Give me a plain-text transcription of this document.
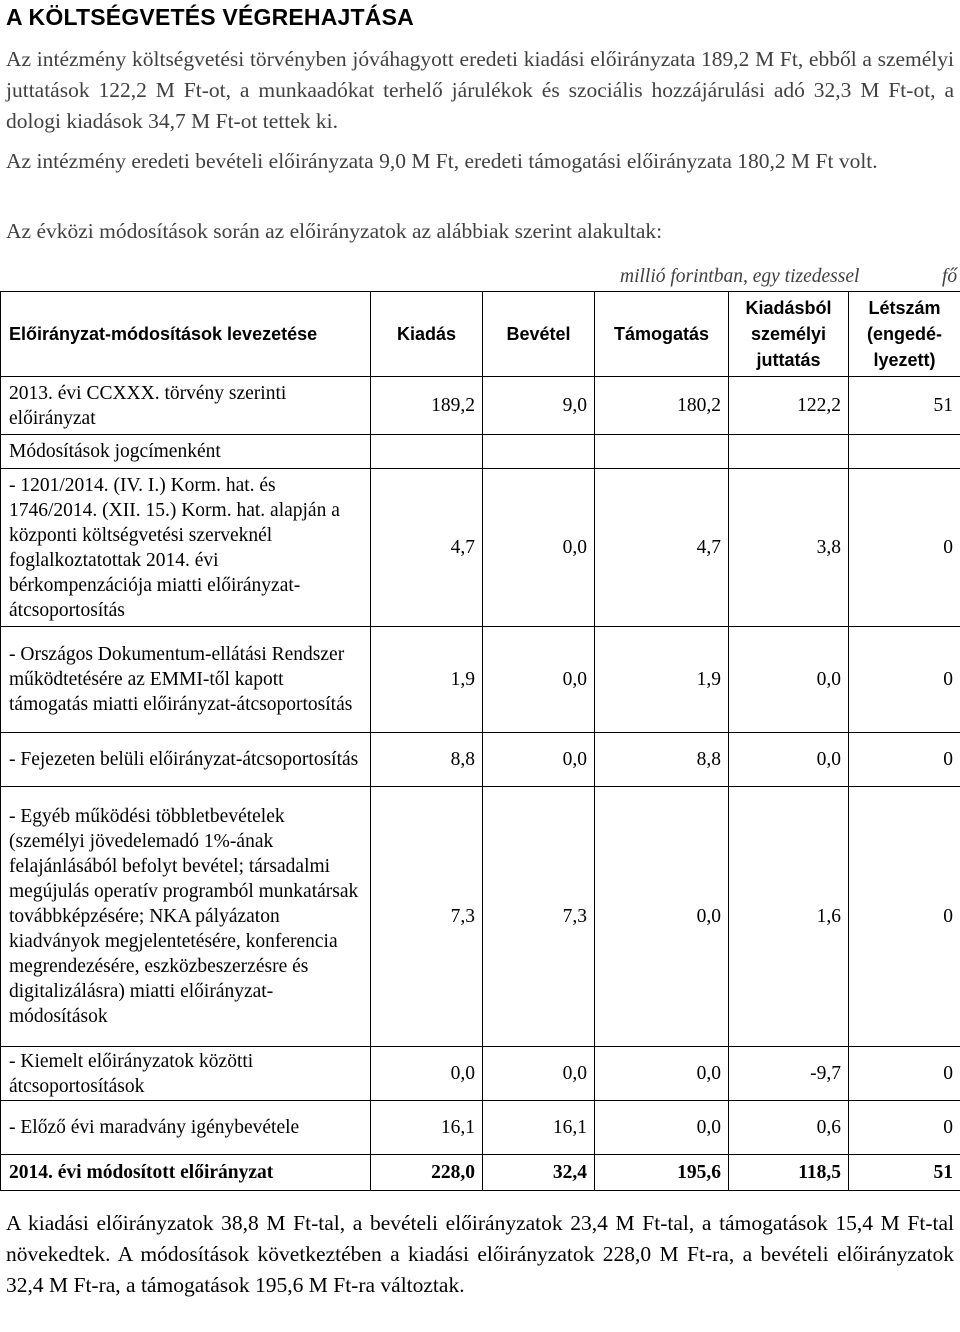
A KÖLTSÉGVETÉS VÉGREHAJTÁSA

Az intézmény költségvetési törvényben jóváhagyott eredeti kiadási előirányzata 189,2 M Ft, ebből a személyi juttatások 122,2 M Ft-ot, a munkaadókat terhelő járulékok és szociális hozzájárulási adó 32,3 M Ft-ot, a dologi kiadások 34,7 M Ft-ot tettek ki.

Az intézmény eredeti bevételi előirányzata 9,0 M Ft, eredeti támogatási előirányzata 180,2 M Ft volt.

Az évközi módosítások során az előirányzatok az alábbiak szerint alakultak:

millió forintban, egy tizedessel	fő
Előirányzat-módosítások levezetése	Kiadás	Bevétel	Támogatás	Kiadásból személyi juttatás	Létszám (engedé-lyezett)
2013. évi CCXXX. törvény szerinti előirányzat	189,2	9,0	180,2	122,2	51
Módosítások jogcímenként					
- 1201/2014. (IV. I.) Korm. hat. és 1746/2014. (XII. 15.) Korm. hat. alapján a központi költségvetési szerveknél foglalkoztatottak 2014. évi bérkompenzációja miatti előirányzat-átcsoportosítás	4,7	0,0	4,7	3,8	0
- Országos Dokumentum-ellátási Rendszer működtetésére az EMMI-től kapott támogatás miatti előirányzat-átcsoportosítás	1,9	0,0	1,9	0,0	0
- Fejezeten belüli előirányzat-átcsoportosítás	8,8	0,0	8,8	0,0	0
- Egyéb működési többletbevételek (személyi jövedelemadó 1%-ának felajánlásából befolyt bevétel; társadalmi megújulás operatív programból munkatársak továbbképzésére; NKA pályázaton kiadványok megjelentetésére, konferencia megrendezésére, eszközbeszerzésre és digitalizálásra) miatti előirányzat-módosítások	7,3	7,3	0,0	1,6	0
- Kiemelt előirányzatok közötti átcsoportosítások	0,0	0,0	0,0	-9,7	0
- Előző évi maradvány igénybevétele	16,1	16,1	0,0	0,6	0
2014. évi módosított előirányzat	228,0	32,4	195,6	118,5	51

A kiadási előirányzatok 38,8 M Ft-tal, a bevételi előirányzatok 23,4 M Ft-tal, a támogatások 15,4 M Ft-tal növekedtek. A módosítások következtében a kiadási előirányzatok 228,0 M Ft-ra, a bevételi előirányzatok 32,4 M Ft-ra, a támogatások 195,6 M Ft-ra változtak.
